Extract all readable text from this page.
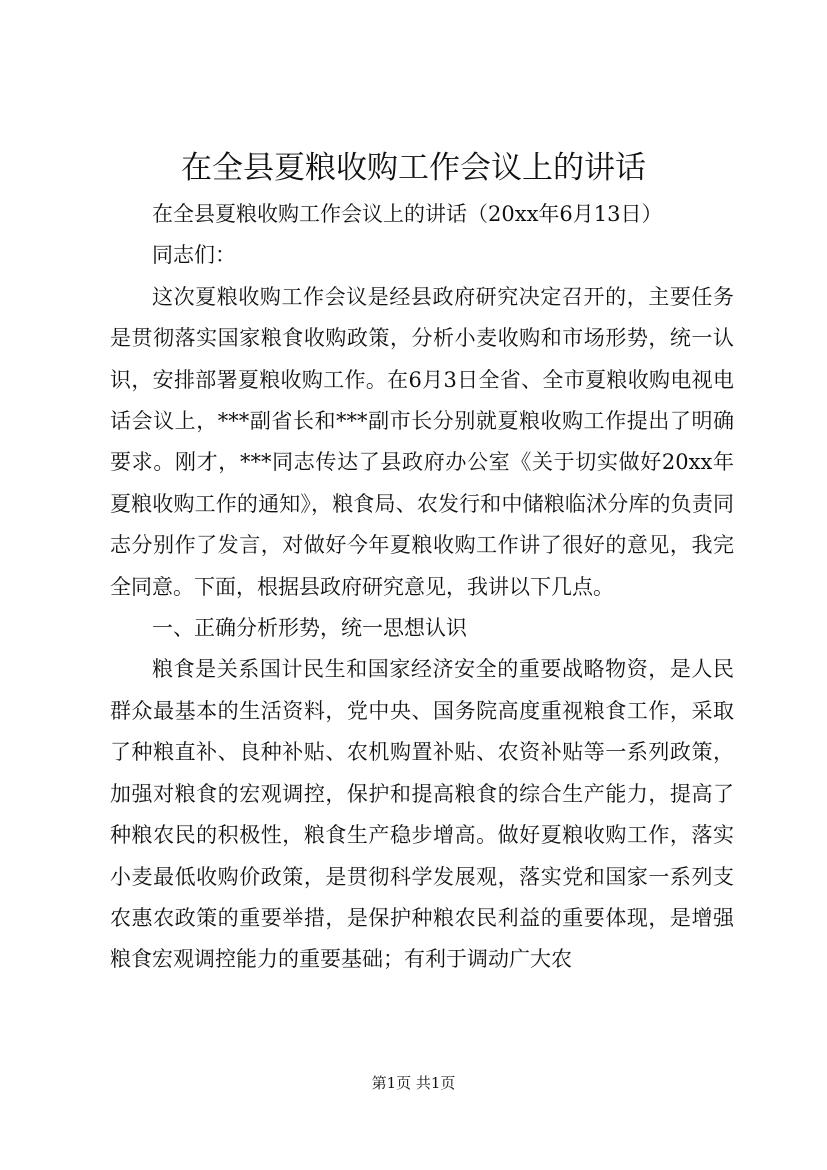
在全县夏粮收购工作会议上的讲话

在全县夏粮收购工作会议上的讲话（20xx年6月13日）

同志们：

这次夏粮收购工作会议是经县政府研究决定召开的，主要任务是贯彻落实国家粮食收购政策，分析小麦收购和市场形势，统一认识，安排部署夏粮收购工作。在6月3日全省、全市夏粮收购电视电话会议上，***副省长和***副市长分别就夏粮收购工作提出了明确要求。刚才，***同志传达了县政府办公室《关于切实做好20xx年夏粮收购工作的通知》，粮食局、农发行和中储粮临沭分库的负责同志分别作了发言，对做好今年夏粮收购工作讲了很好的意见，我完全同意。下面，根据县政府研究意见，我讲以下几点。

一、正确分析形势，统一思想认识

粮食是关系国计民生和国家经济安全的重要战略物资，是人民群众最基本的生活资料，党中央、国务院高度重视粮食工作，采取了种粮直补、良种补贴、农机购置补贴、农资补贴等一系列政策，加强对粮食的宏观调控，保护和提高粮食的综合生产能力，提高了种粮农民的积极性，粮食生产稳步增高。做好夏粮收购工作，落实小麦最低收购价政策，是贯彻科学发展观，落实党和国家一系列支农惠农政策的重要举措，是保护种粮农民利益的重要体现，是增强粮食宏观调控能力的重要基础；有利于调动广大农

第1页 共1页
